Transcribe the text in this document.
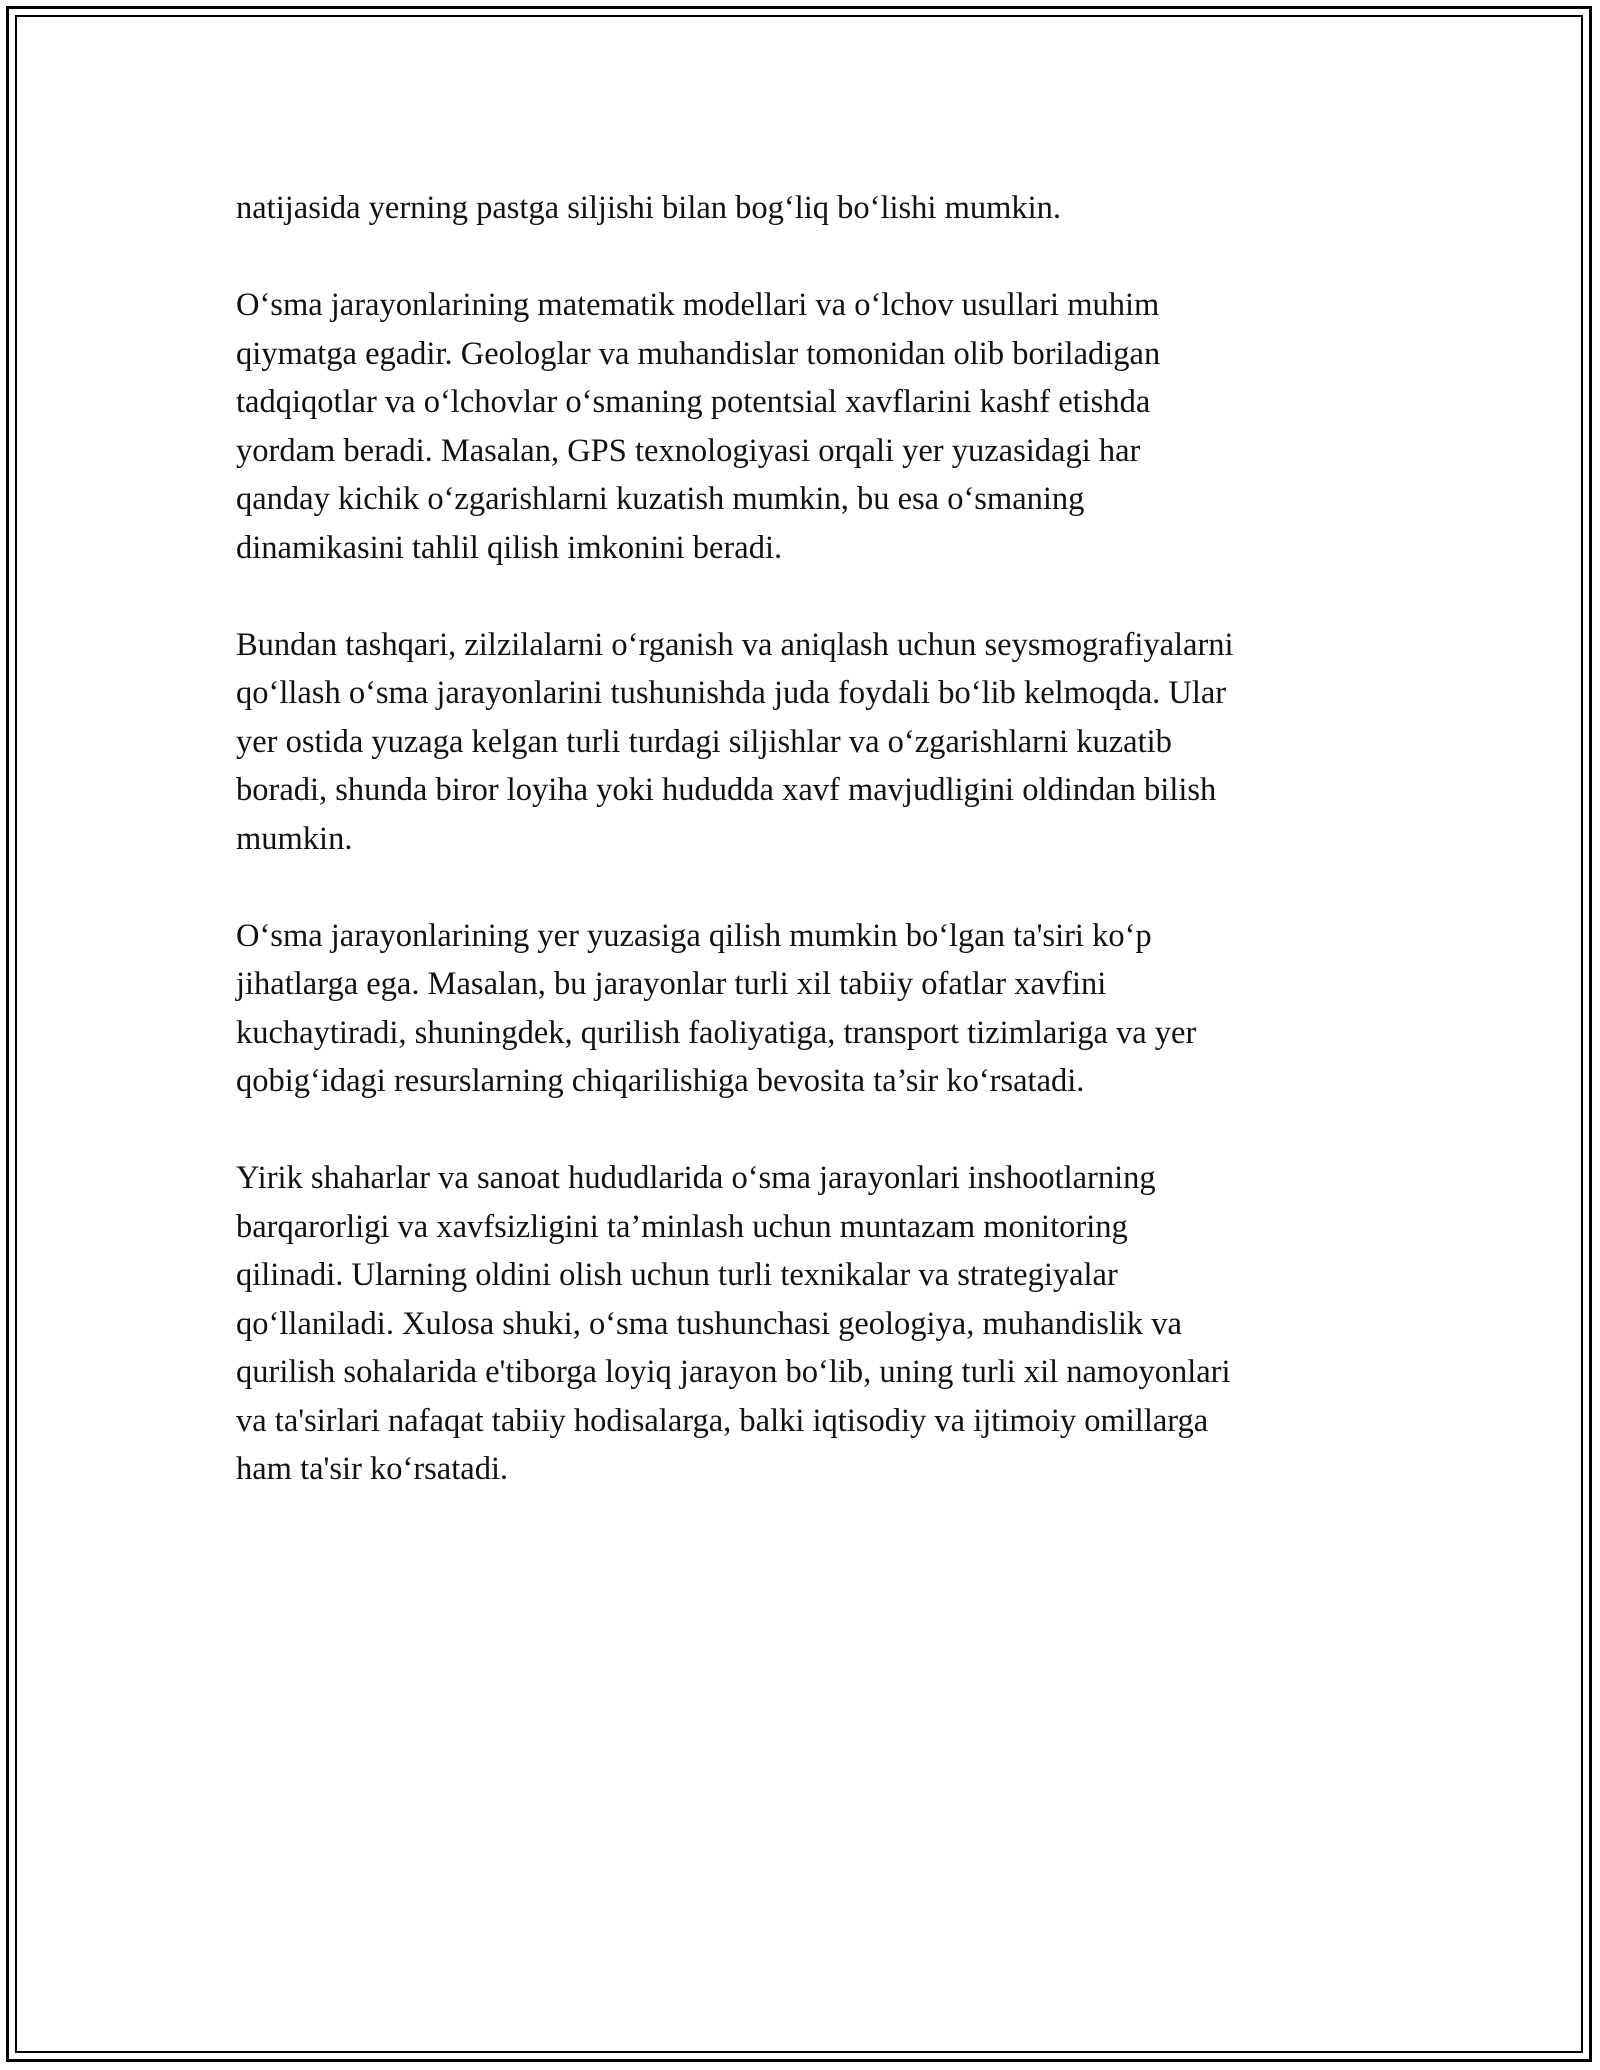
natijasida yerning pastga siljishi bilan bog‘liq bo‘lishi mumkin.

O‘sma jarayonlarining matematik modellari va o‘lchov usullari muhim
qiymatga egadir. Geologlar va muhandislar tomonidan olib boriladigan
tadqiqotlar va o‘lchovlar o‘smaning potentsial xavflarini kashf etishda
yordam beradi. Masalan, GPS texnologiyasi orqali yer yuzasidagi har
qanday kichik o‘zgarishlarni kuzatish mumkin, bu esa o‘smaning
dinamikasini tahlil qilish imkonini beradi.

Bundan tashqari, zilzilalarni o‘rganish va aniqlash uchun seysmografiyalarni
qo‘llash o‘sma jarayonlarini tushunishda juda foydali bo‘lib kelmoqda. Ular
yer ostida yuzaga kelgan turli turdagi siljishlar va o‘zgarishlarni kuzatib
boradi, shunda biror loyiha yoki hududda xavf mavjudligini oldindan bilish
mumkin.

O‘sma jarayonlarining yer yuzasiga qilish mumkin bo‘lgan ta'siri ko‘p
jihatlarga ega. Masalan, bu jarayonlar turli xil tabiiy ofatlar xavfini
kuchaytiradi, shuningdek, qurilish faoliyatiga, transport tizimlariga va yer
qobig‘idagi resurslarning chiqarilishiga bevosita ta’sir ko‘rsatadi.

Yirik shaharlar va sanoat hududlarida o‘sma jarayonlari inshootlarning
barqarorligi va xavfsizligini ta’minlash uchun muntazam monitoring
qilinadi. Ularning oldini olish uchun turli texnikalar va strategiyalar
qo‘llaniladi. Xulosa shuki, o‘sma tushunchasi geologiya, muhandislik va
qurilish sohalarida e'tiborga loyiq jarayon bo‘lib, uning turli xil namoyonlari
va ta'sirlari nafaqat tabiiy hodisalarga, balki iqtisodiy va ijtimoiy omillarga
ham ta'sir ko‘rsatadi.
